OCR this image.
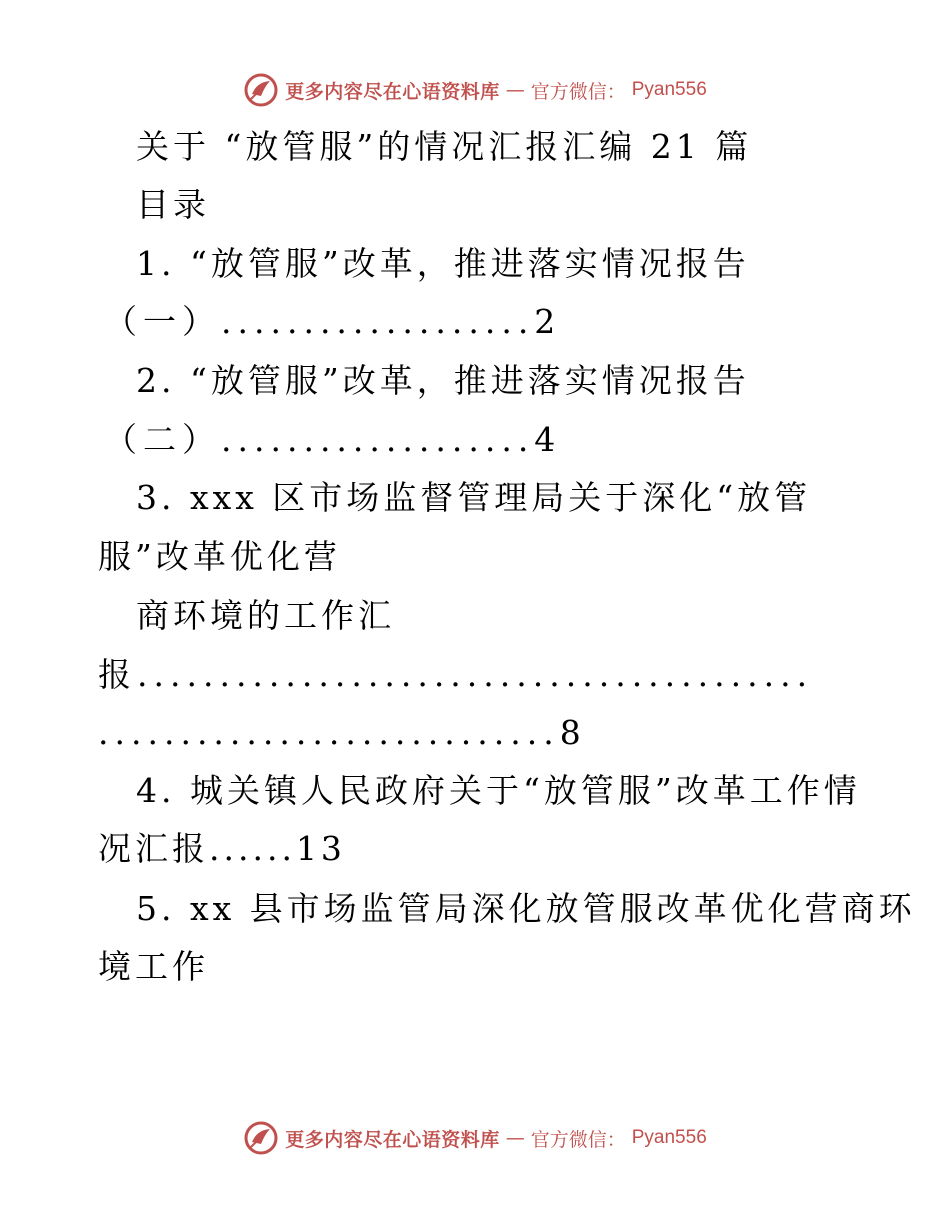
更多内容尽在心语资料库 — 官方微信： Pyan556
关于 “放管服”的情况汇报汇编 21 篇
目录
1. “放管服”改革，推进落实情况报告
（一）...................2
2. “放管服”改革，推进落实情况报告
（二）...................4
3. xxx 区市场监督管理局关于深化“放管
服”改革优化营
商环境的工作汇
报.........................................
............................8
4. 城关镇人民政府关于“放管服”改革工作情
况汇报......13
5. xx 县市场监管局深化放管服改革优化营商环
境工作
更多内容尽在心语资料库 — 官方微信： Pyan556
